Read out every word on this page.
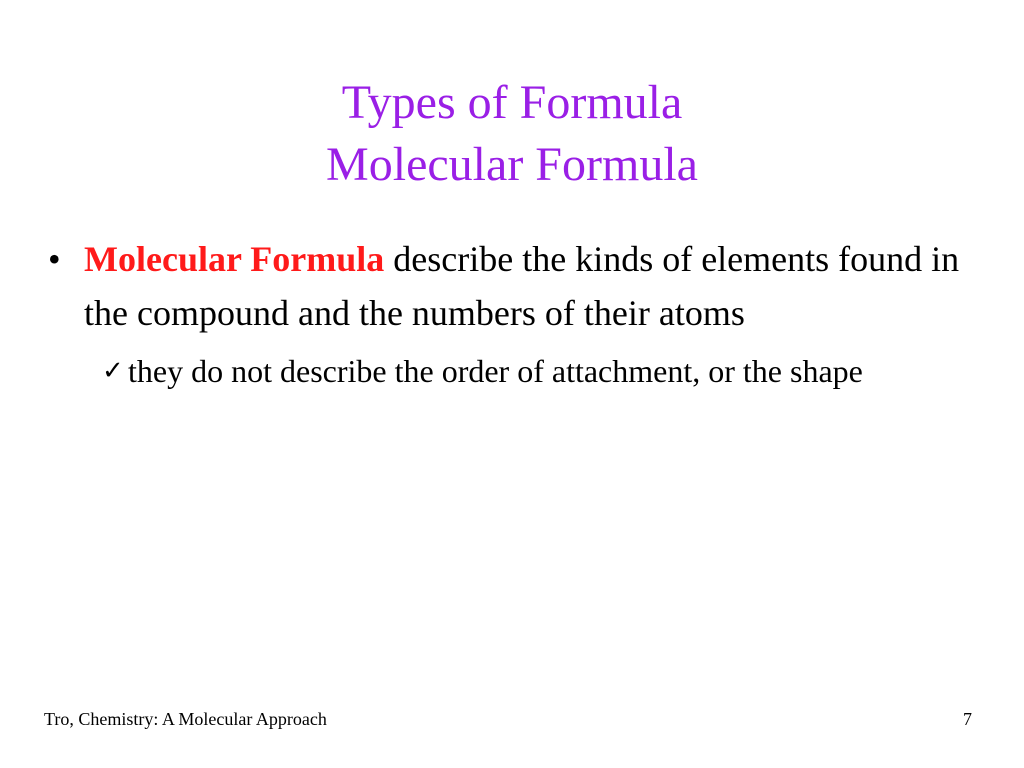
Types of Formula
Molecular Formula
• Molecular Formula describe the kinds of elements found in the compound and the numbers of their atoms
✓ they do not describe the order of attachment, or the shape
Tro, Chemistry: A Molecular Approach	7
